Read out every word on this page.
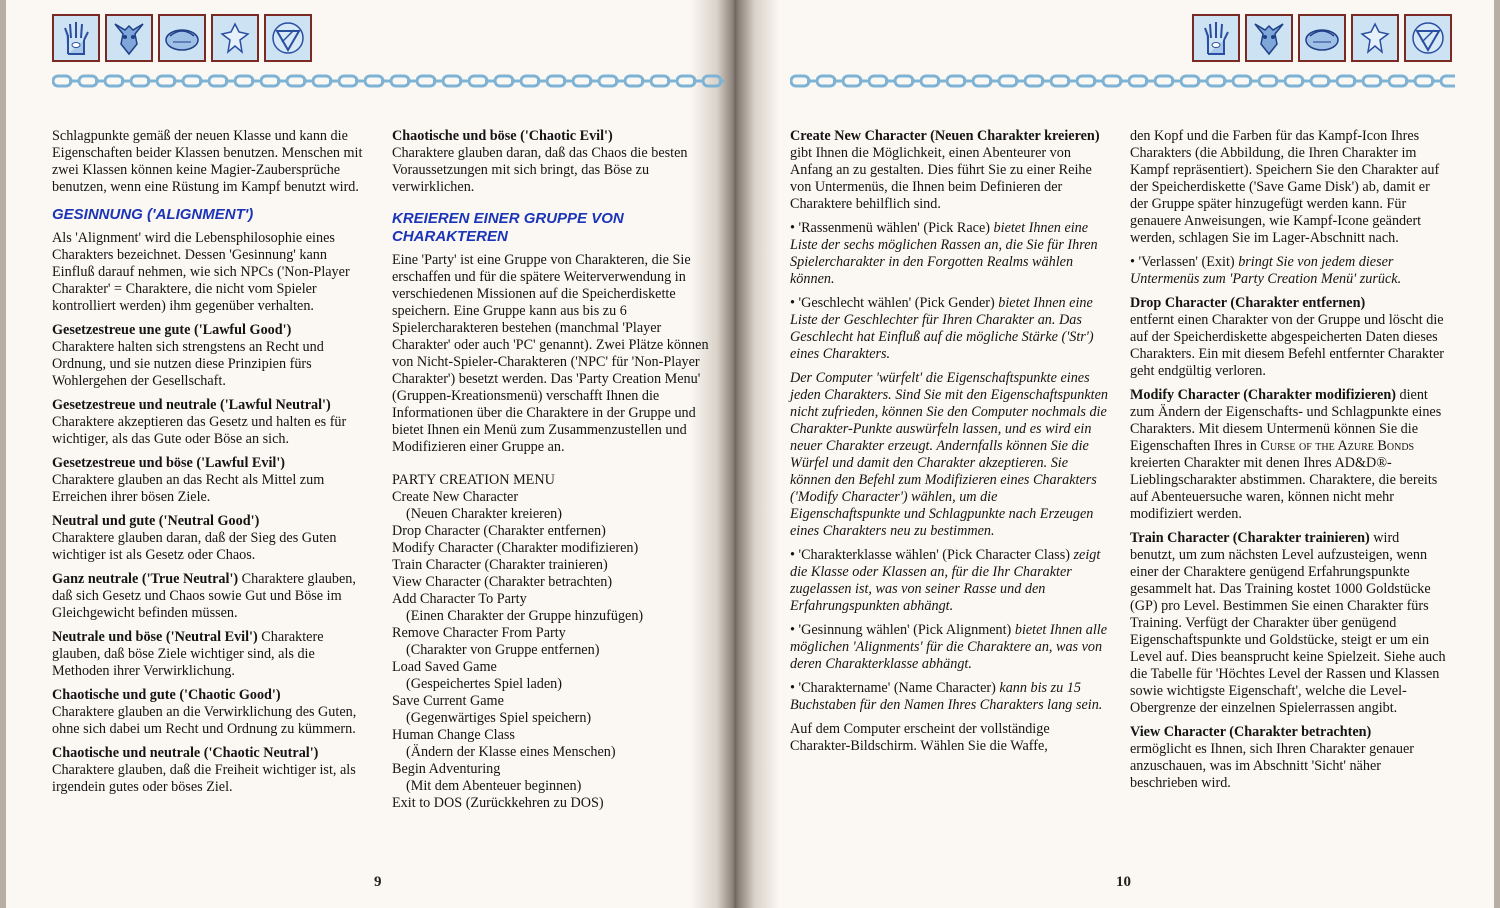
Schlagpunkte gemäß der neuen Klasse und kann die Eigenschaften beider Klassen benutzen. Menschen mit zwei Klassen können keine Magier-Zaubersprüche benutzen, wenn eine Rüstung im Kampf benutzt wird.

GESINNUNG ('ALIGNMENT')

Als 'Alignment' wird die Lebensphilosophie eines Charakters bezeichnet. Dessen 'Gesinnung' kann Einfluß darauf nehmen, wie sich NPCs ('Non-Player Charakter' = Charaktere, die nicht vom Spieler kontrolliert werden) ihm gegenüber verhalten.

Gesetzestreue une gute ('Lawful Good')
Charaktere halten sich strengstens an Recht und Ordnung, und sie nutzen diese Prinzipien fürs Wohlergehen der Gesellschaft.

Gesetzestreue und neutrale ('Lawful Neutral') Charaktere akzeptieren das Gesetz und halten es für wichtiger, als das Gute oder Böse an sich.

Gesetzestreue und böse ('Lawful Evil')
Charaktere glauben an das Recht als Mittel zum Erreichen ihrer bösen Ziele.

Neutral und gute ('Neutral Good')
Charaktere glauben daran, daß der Sieg des Guten wichtiger ist als Gesetz oder Chaos.

Ganz neutrale ('True Neutral') Charaktere glauben, daß sich Gesetz und Chaos sowie Gut und Böse im Gleichgewicht befinden müssen.

Neutrale und böse ('Neutral Evil') Charaktere glauben, daß böse Ziele wichtiger sind, als die Methoden ihrer Verwirklichung.

Chaotische und gute ('Chaotic Good')
Charaktere glauben an die Verwirklichung des Guten, ohne sich dabei um Recht und Ordnung zu kümmern.

Chaotische und neutrale ('Chaotic Neutral')
Charaktere glauben, daß die Freiheit wichtiger ist, als irgendein gutes oder böses Ziel.

Chaotische und böse ('Chaotic Evil')
Charaktere glauben daran, daß das Chaos die besten Voraussetzungen mit sich bringt, das Böse zu verwirklichen.

KREIEREN EINER GRUPPE VON CHARAKTEREN

Eine 'Party' ist eine Gruppe von Charakteren, die Sie erschaffen und für die spätere Weiterverwendung in verschiedenen Missionen auf die Speicherdiskette speichern. Eine Gruppe kann aus bis zu 6 Spielercharakteren bestehen (manchmal 'Player Charakter' oder auch 'PC' genannt). Zwei Plätze können von Nicht-Spieler-Charakteren ('NPC' für 'Non-Player Charakter') besetzt werden. Das 'Party Creation Menu' (Gruppen-Kreationsmenü) verschafft Ihnen die Informationen über die Charaktere in der Gruppe und bietet Ihnen ein Menü zum Zusammenzustellen und Modifizieren einer Gruppe an.

PARTY CREATION MENU
Create New Character
(Neuen Charakter kreieren)
Drop Character (Charakter entfernen)
Modify Character (Charakter modifizieren)
Train Character (Charakter trainieren)
View Character (Charakter betrachten)
Add Character To Party
(Einen Charakter der Gruppe hinzufügen)
Remove Character From Party
(Charakter von Gruppe entfernen)
Load Saved Game
(Gespeichertes Spiel laden)
Save Current Game
(Gegenwärtiges Spiel speichern)
Human Change Class
(Ändern der Klasse eines Menschen)
Begin Adventuring
(Mit dem Abenteuer beginnen)
Exit to DOS (Zurückkehren zu DOS)

Create New Character (Neuen Charakter kreieren) gibt Ihnen die Möglichkeit, einen Abenteurer von Anfang an zu gestalten. Dies führt Sie zu einer Reihe von Untermenüs, die Ihnen beim Definieren der Charaktere behilflich sind.

• 'Rassenmenü wählen' (Pick Race) bietet Ihnen eine Liste der sechs möglichen Rassen an, die Sie für Ihren Spielercharakter in den Forgotten Realms wählen können.

• 'Geschlecht wählen' (Pick Gender) bietet Ihnen eine Liste der Geschlechter für Ihren Charakter an. Das Geschlecht hat Einfluß auf die mögliche Stärke ('Str') eines Charakters.

Der Computer 'würfelt' die Eigenschaftspunkte eines jeden Charakters. Sind Sie mit den Eigenschaftspunkten nicht zufrieden, können Sie den Computer nochmals die Charakter-Punkte auswürfeln lassen, und es wird ein neuer Charakter erzeugt. Andernfalls können Sie die Würfel und damit den Charakter akzeptieren. Sie können den Befehl zum Modifizieren eines Charakters ('Modify Character') wählen, um die Eigenschaftspunkte und Schlagpunkte nach Erzeugen eines Charakters neu zu bestimmen.

• 'Charakterklasse wählen' (Pick Character Class) zeigt die Klasse oder Klassen an, für die Ihr Charakter zugelassen ist, was von seiner Rasse und den Erfahrungspunkten abhängt.

• 'Gesinnung wählen' (Pick Alignment) bietet Ihnen alle möglichen 'Alignments' für die Charaktere an, was von deren Charakterklasse abhängt.

• 'Charaktername' (Name Character) kann bis zu 15 Buchstaben für den Namen Ihres Charakters lang sein.

Auf dem Computer erscheint der vollständige Charakter-Bildschirm. Wählen Sie die Waffe,

den Kopf und die Farben für das Kampf-Icon Ihres Charakters (die Abbildung, die Ihren Charakter im Kampf repräsentiert). Speichern Sie den Charakter auf der Speicherdiskette ('Save Game Disk') ab, damit er der Gruppe später hinzugefügt werden kann. Für genauere Anweisungen, wie Kampf-Icone geändert werden, schlagen Sie im Lager-Abschnitt nach.

• 'Verlassen' (Exit) bringt Sie von jedem dieser Untermenüs zum 'Party Creation Menü' zurück.

Drop Character (Charakter entfernen)
entfernt einen Charakter von der Gruppe und löscht die auf der Speicherdiskette abgespeicherten Daten dieses Charakters. Ein mit diesem Befehl entfernter Charakter geht endgültig verloren.

Modify Character (Charakter modifizieren) dient zum Ändern der Eigenschafts- und Schlagpunkte eines Charakters. Mit diesem Untermenü können Sie die Eigenschaften Ihres in Curse of the Azure Bonds kreierten Charakter mit denen Ihres AD&D®-Lieblingscharakter abstimmen. Charaktere, die bereits auf Abenteuersuche waren, können nicht mehr modifiziert werden.

Train Character (Charakter trainieren) wird benutzt, um zum nächsten Level aufzusteigen, wenn einer der Charaktere genügend Erfahrungspunkte gesammelt hat. Das Training kostet 1000 Goldstücke (GP) pro Level. Bestimmen Sie einen Charakter fürs Training. Verfügt der Charakter über genügend Eigenschaftspunkte und Goldstücke, steigt er um ein Level auf. Dies beansprucht keine Spielzeit. Siehe auch die Tabelle für 'Höchtes Level der Rassen und Klassen sowie wichtigste Eigenschaft', welche die Level-Obergrenze der einzelnen Spielerrassen angibt.

View Character (Charakter betrachten)
ermöglicht es Ihnen, sich Ihren Charakter genauer anzuschauen, was im Abschnitt 'Sicht' näher beschrieben wird.

9	10
